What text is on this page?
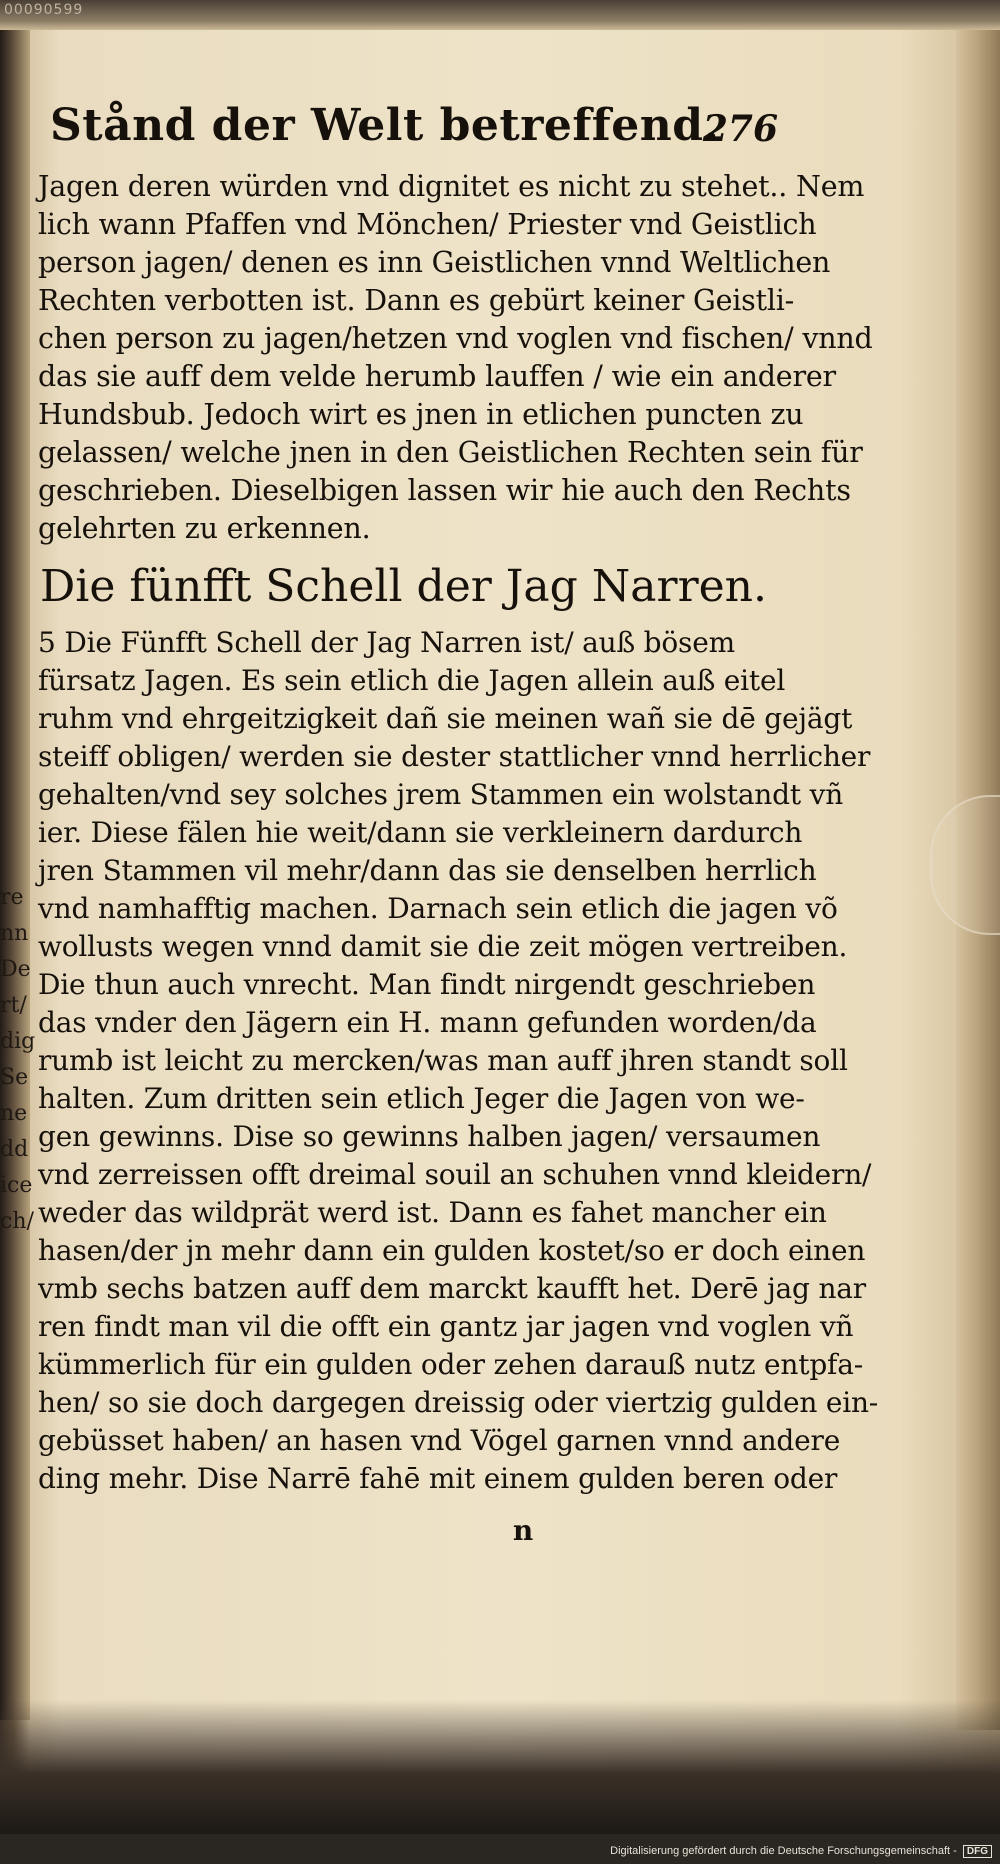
00090599
re
nn
De
rt/
dig
Se
ne
dd
ice
ch/
Stånd der Welt betreffend.
276
Jagen deren würden vnd dignitet es nicht zu stehet.. Nem
lich wann Pfaffen vnd Mönchen/ Priester vnd Geistlich
person jagen/ denen es inn Geistlichen vnnd Weltlichen
Rechten verbotten ist. Dann es gebürt keiner Geistli-
chen person zu jagen/hetzen vnd voglen vnd fischen/ vnnd
das sie auff dem velde herumb lauffen / wie ein anderer
Hundsbub. Jedoch wirt es jnen in etlichen puncten zu
gelassen/ welche jnen in den Geistlichen Rechten sein für
geschrieben. Dieselbigen lassen wir hie auch den Rechts
gelehrten zu erkennen.
Die fünfft Schell der Jag Narren.
5 Die Fünfft Schell der Jag Narren ist/ auß bösem
fürsatz Jagen. Es sein etlich die Jagen allein auß eitel
ruhm vnd ehrgeitzigkeit dañ sie meinen wañ sie dē gejägt
steiff obligen/ werden sie dester stattlicher vnnd herrlicher
gehalten/vnd sey solches jrem Stammen ein wolstandt vñ
ier. Diese fälen hie weit/dann sie verkleinern dardurch
jren Stammen vil mehr/dann das sie denselben herrlich
vnd namhafftig machen. Darnach sein etlich die jagen võ
wollusts wegen vnnd damit sie die zeit mögen vertreiben.
Die thun auch vnrecht. Man findt nirgendt geschrieben
das vnder den Jägern ein H. mann gefunden worden/da
rumb ist leicht zu mercken/was man auff jhren standt soll
halten. Zum dritten sein etlich Jeger die Jagen von we-
gen gewinns. Dise so gewinns halben jagen/ versaumen
vnd zerreissen offt dreimal souil an schuhen vnnd kleidern/
weder das wildprät werd ist. Dann es fahet mancher ein
hasen/der jn mehr dann ein gulden kostet/so er doch einen
vmb sechs batzen auff dem marckt kaufft het. Derē jag nar
ren findt man vil die offt ein gantz jar jagen vnd voglen vñ
kümmerlich für ein gulden oder zehen darauß nutz entpfa-
hen/ so sie doch dargegen dreissig oder viertzig gulden ein-
gebüsset haben/ an hasen vnd Vögel garnen vnnd andere
ding mehr. Dise Narrē fahē mit einem gulden beren oder
n
Digitalisierung gefördert durch die Deutsche Forschungsgemeinschaft - DFG
